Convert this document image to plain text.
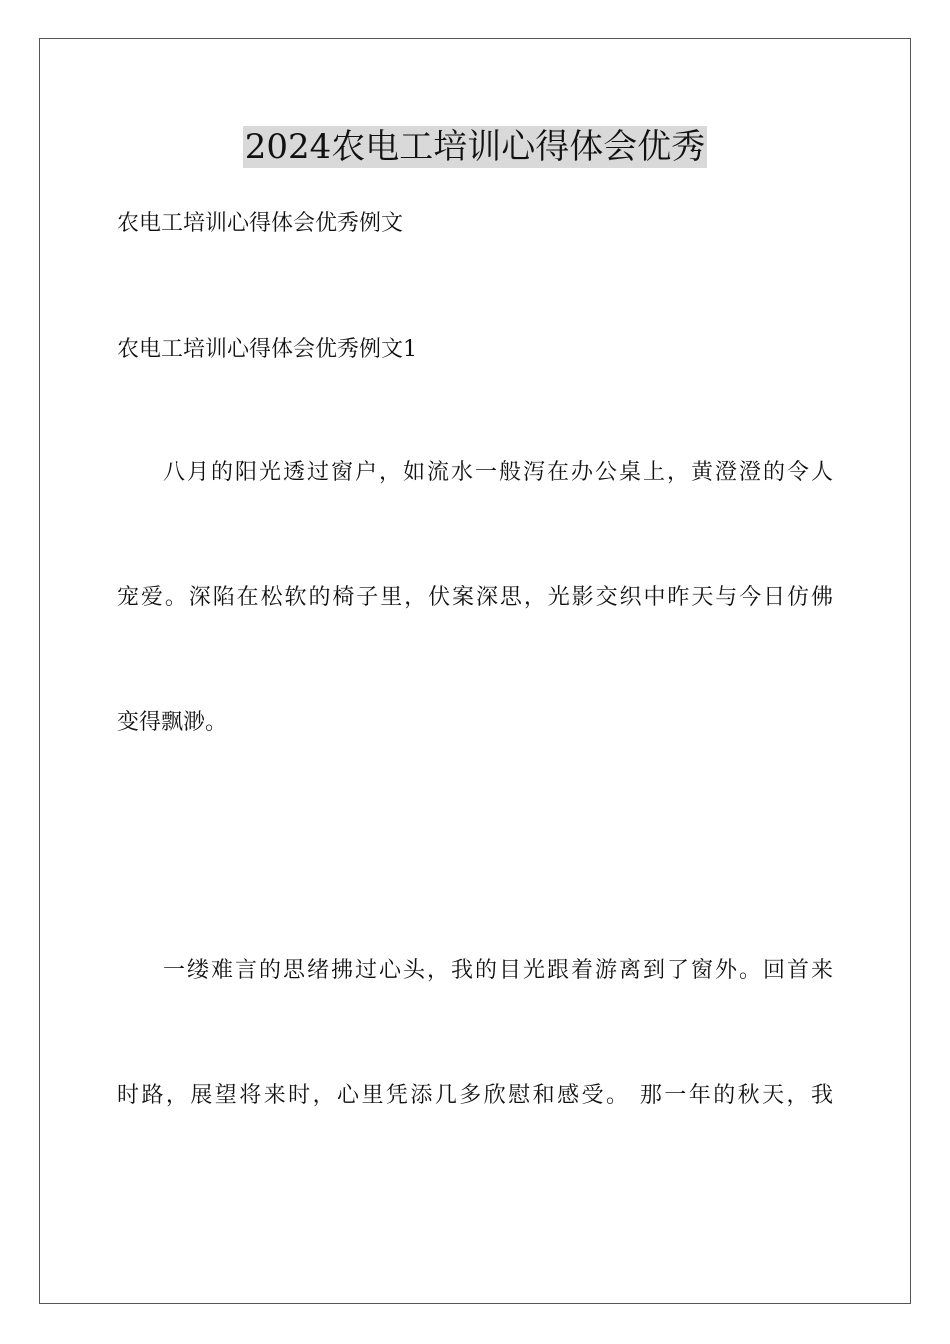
2024农电工培训心得体会优秀
农电工培训心得体会优秀例文
农电工培训心得体会优秀例文1
八月的阳光透过窗户，如流水一般泻在办公桌上，黄澄澄的令人
宠爱。深陷在松软的椅子里，伏案深思，光影交织中昨天与今日仿佛
变得飘渺。
一缕难言的思绪拂过心头，我的目光跟着游离到了窗外。回首来
时路，展望将来时，心里凭添几多欣慰和感受。 那一年的秋天，我
